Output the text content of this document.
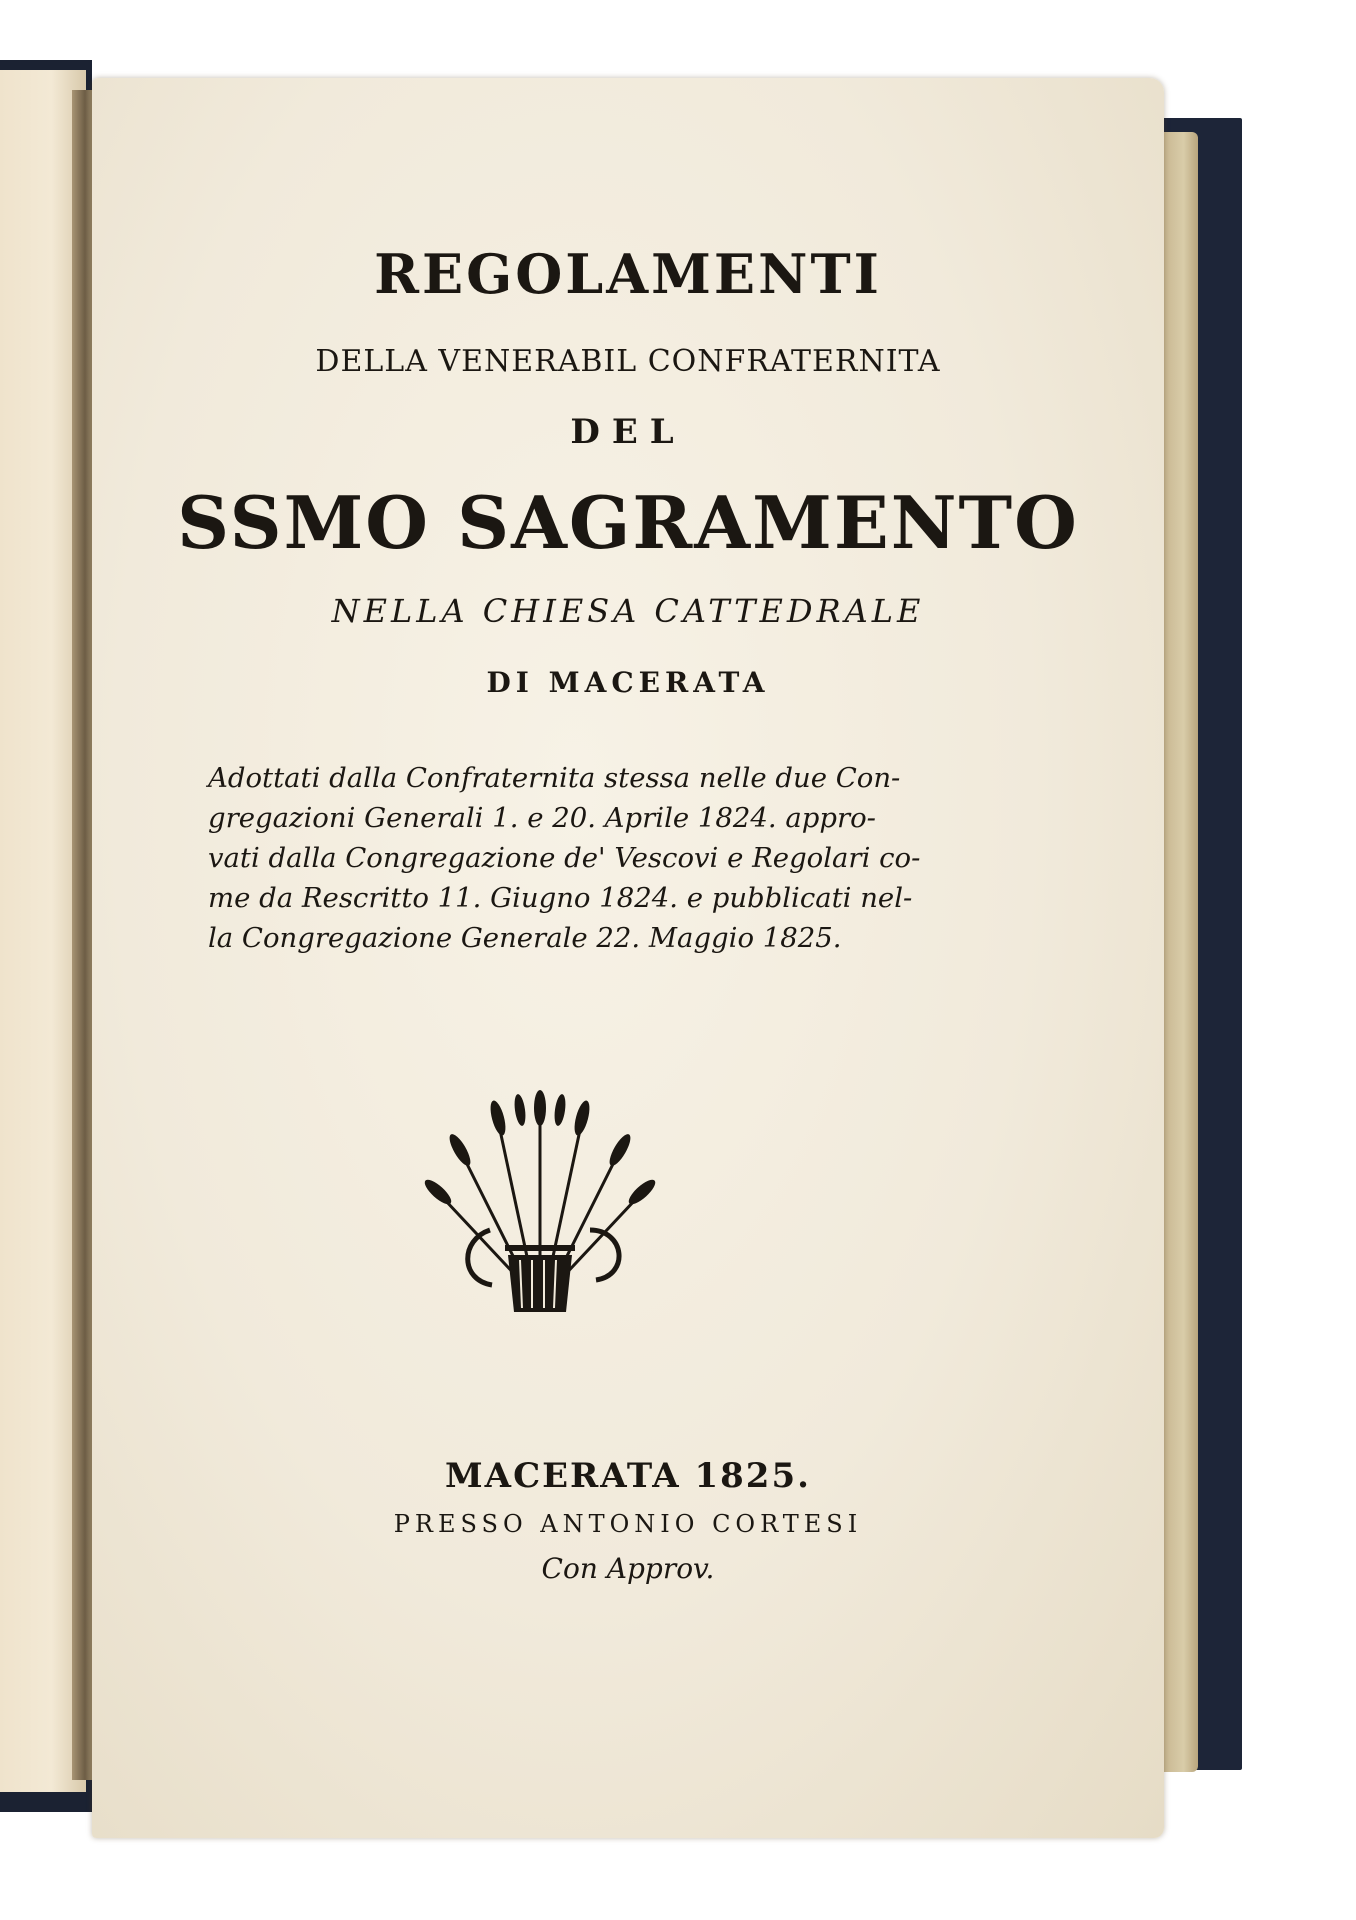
REGOLAMENTI
DELLA VENERABIL CONFRATERNITA
DEL
SSMO SAGRAMENTO
NELLA CHIESA CATTEDRALE
DI MACERATA
Adottati dalla Confraternita stessa nelle due Con-
gregazioni Generali 1. e 20. Aprile 1824. appro-
vati dalla Congregazione de' Vescovi e Regolari co-
me da Rescritto 11. Giugno 1824. e pubblicati nel-
la Congregazione Generale 22. Maggio 1825.
MACERATA 1825.
PRESSO ANTONIO CORTESI
Con Approv.
